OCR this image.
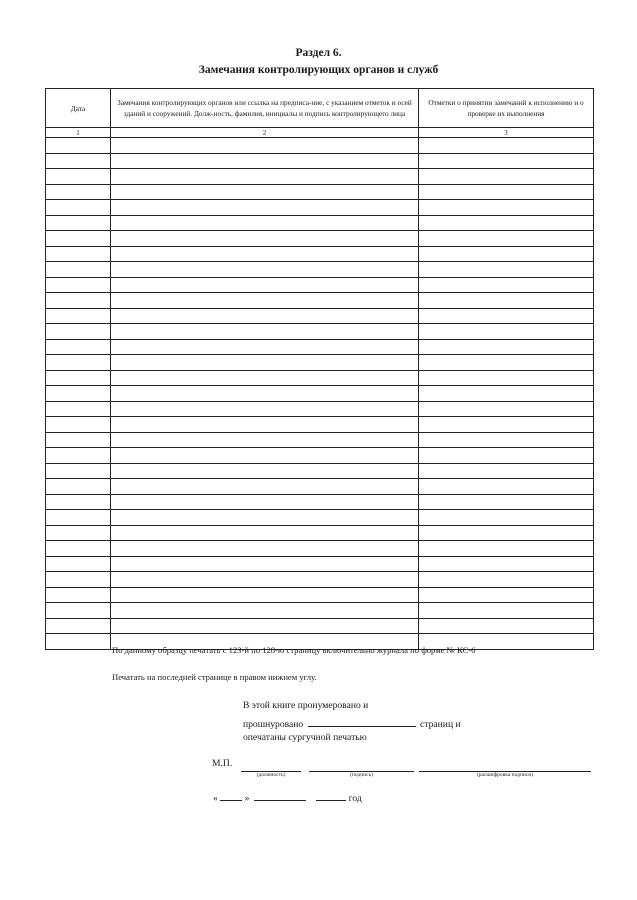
Раздел 6.
Замечания контролирующих органов и служб
Дата	Замечания контролирующих органов или ссылка на предписа-ние, с указанием отметок и осей зданий и сооружений. Долж-ность, фамилия, инициалы и подпись контролирующего лица	Отметки о принятии замечаний к исполнению и о проверке их выполнения

1	2	3

По данному образцу печатать с 123-й по 128-ю страницу включительно журнала по форме № КС-6
Печатать на последней странице в правом нижнем углу.
В этой книге пронумеровано и
прошнуровано	страниц и
опечатаны сургучной печатью
М.П.
(должность)	(подпись)	(расшифровка подписи)
«	»	год
